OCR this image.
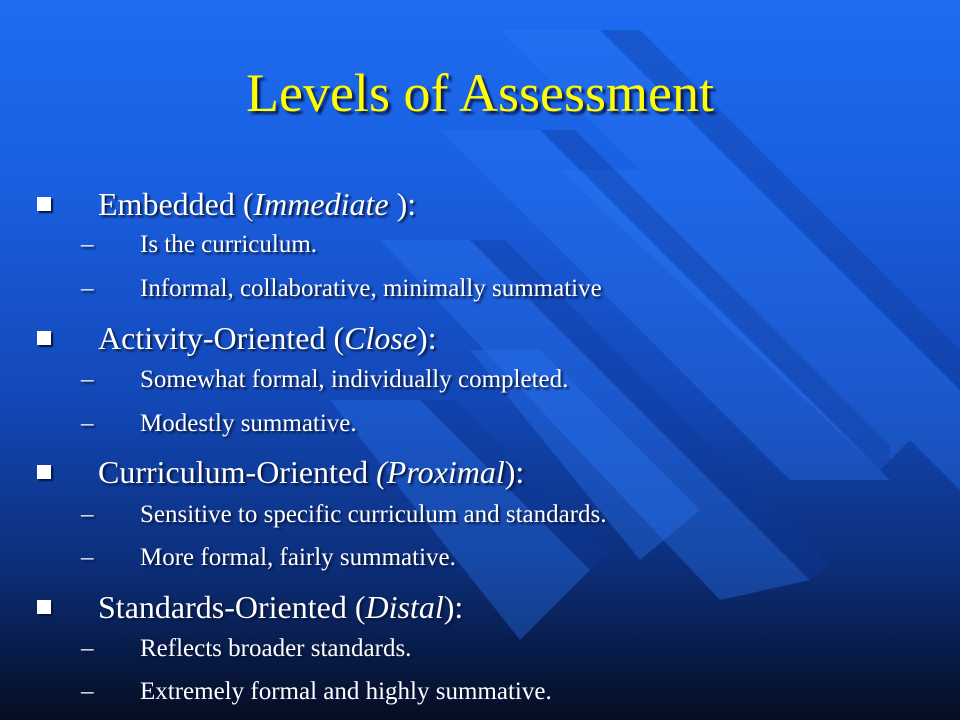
Levels of Assessment
Embedded (Immediate ):
– Is the curriculum.
– Informal, collaborative, minimally summative
Activity-Oriented (Close):
– Somewhat formal, individually completed.
– Modestly summative.
Curriculum-Oriented (Proximal):
– Sensitive to specific curriculum and standards.
– More formal, fairly summative.
Standards-Oriented (Distal):
– Reflects broader standards.
– Extremely formal and highly summative.
